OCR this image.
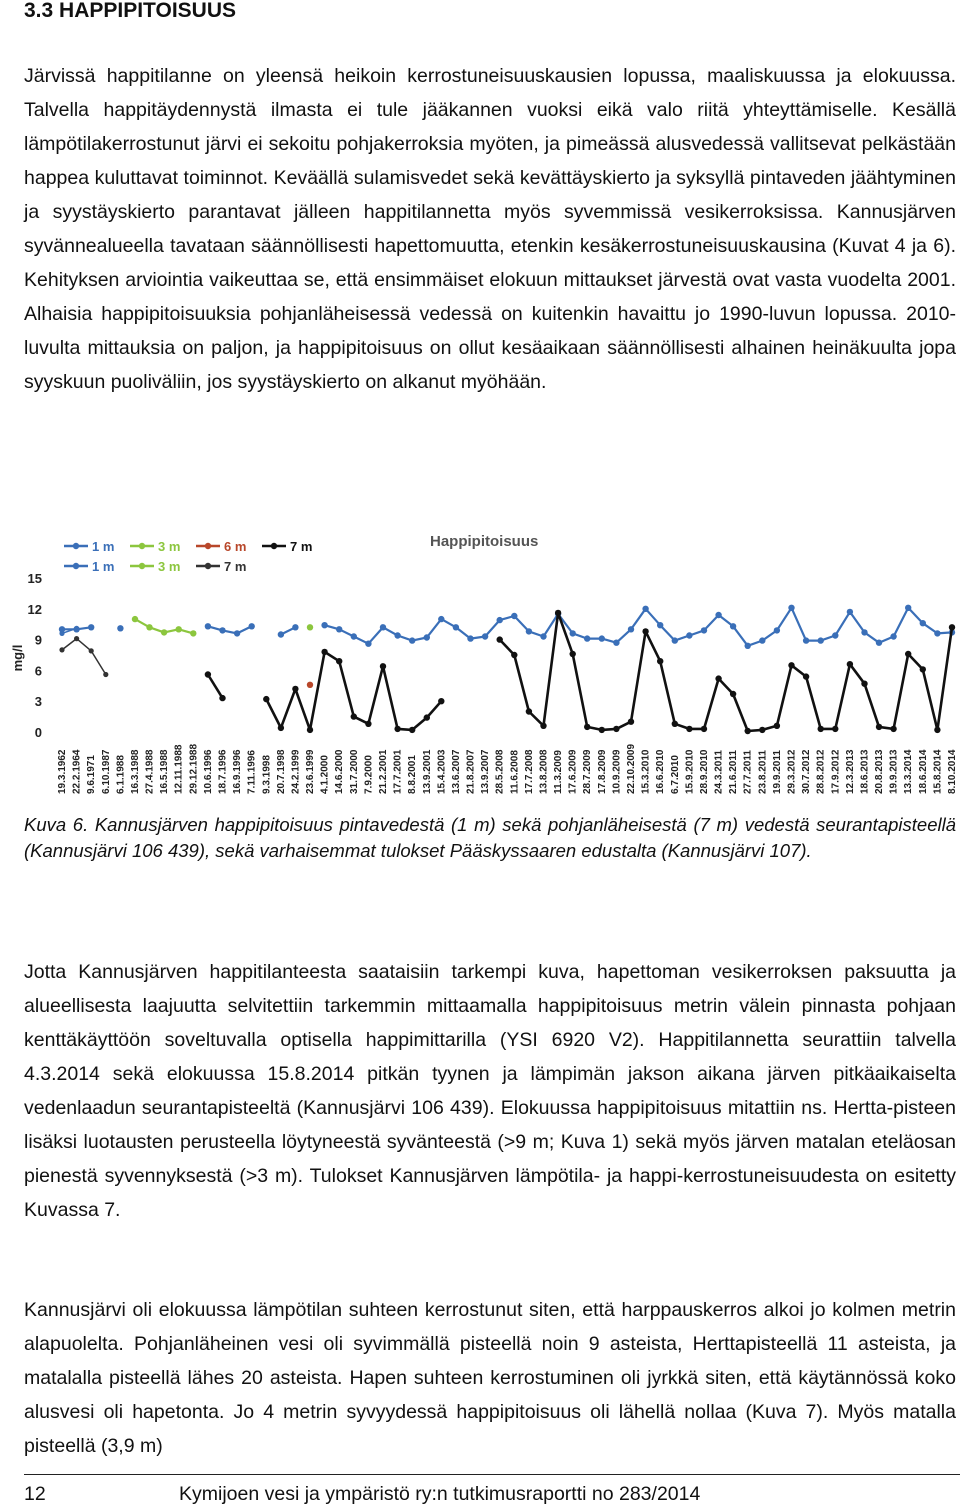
3.3 HAPPIPITOISUUS
Järvissä happitilanne on yleensä heikoin kerrostuneisuuskausien lopussa, maaliskuussa ja elokuussa. Talvella happitäydennystä ilmasta ei tule jääkannen vuoksi eikä valo riitä yhteyttämiselle. Kesällä lämpötilakerrostunut järvi ei sekoitu pohjakerroksia myöten, ja pimeässä alusvedessä vallitsevat pelkästään happea kuluttavat toiminnot. Keväällä sulamisvedet sekä kevättäyskierto ja syksyllä pintaveden jäähtyminen ja syystäyskierto parantavat jälleen happitilannetta myös syvemmissä vesikerroksissa. Kannusjärven syvännealueella tavataan säännöllisesti hapettomuutta, etenkin kesäkerrostuneisuuskausina (Kuvat 4 ja 6). Kehityksen arviointia vaikeuttaa se, että ensimmäiset elokuun mittaukset järvestä ovat vasta vuodelta 2001. Alhaisia happipitoisuuksia pohjanläheisessä vedessä on kuitenkin havaittu jo 1990-luvun lopussa. 2010-luvulta mittauksia on paljon, ja happipitoisuus on ollut kesäaikaan säännöllisesti alhainen heinäkuulta jopa syyskuun puoliväliin, jos syystäyskierto on alkanut myöhään.
Happipitoisuus
mg/l
0
3
6
9
12
15
19.3.1962 22.2.1964 9.6.1971 6.10.1987 6.1.1988 16.3.1988 27.4.1988 16.5.1988 12.11.1988 29.12.1988 10.6.1996 18.7.1996 16.9.1996 7.11.1996 9.3.1998 20.7.1998 24.2.1999 23.6.1999 4.1.2000 14.6.2000 31.7.2000 7.9.2000 21.2.2001 17.7.2001 8.8.2001 13.9.2001 15.4.2003 13.6.2007 21.8.2007 13.9.2007 28.5.2008 11.6.2008 17.7.2008 13.8.2008 11.3.2009 17.6.2009 28.7.2009 17.8.2009 10.9.2009 22.10.2009 15.3.2010 16.6.2010 6.7.2010 15.9.2010 28.9.2010 24.3.2011 21.6.2011 27.7.2011 23.8.2011 19.9.2011 29.3.2012 30.7.2012 28.8.2012 17.9.2012 12.3.2013 18.6.2013 20.8.2013 19.9.2013 13.3.2014 18.6.2014 15.8.2014 8.10.2014
1 m	3 m	6 m	7 m
1 m	3 m	7 m
Kuva 6. Kannusjärven happipitoisuus pintavedestä (1 m) sekä pohjanläheisestä (7 m) vedestä seurantapisteellä (Kannusjärvi 106 439), sekä varhaisemmat tulokset Pääskyssaaren edustalta (Kannusjärvi 107).
Jotta Kannusjärven happitilanteesta saataisiin tarkempi kuva, hapettoman vesikerroksen paksuutta ja alueellisesta laajuutta selvitettiin tarkemmin mittaamalla happipitoisuus metrin välein pinnasta pohjaan kenttäkäyttöön soveltuvalla optisella happimittarilla (YSI 6920 V2). Happitilannetta seurattiin talvella 4.3.2014 sekä elokuussa 15.8.2014 pitkän tyynen ja lämpimän jakson aikana järven pitkäaikaiselta vedenlaadun seurantapisteeltä (Kannusjärvi 106 439). Elokuussa happipitoisuus mitattiin ns. Hertta-pisteen lisäksi luotausten perusteella löytyneestä syvänteestä (>9 m; Kuva 1) sekä myös järven matalan eteläosan pienestä syvennyksestä (>3 m). Tulokset Kannusjärven lämpötila- ja happi-kerrostuneisuudesta on esitetty Kuvassa 7.
Kannusjärvi oli elokuussa lämpötilan suhteen kerrostunut siten, että harppauskerros alkoi jo kolmen metrin alapuolelta. Pohjanläheinen vesi oli syvimmällä pisteellä noin 9 asteista, Herttapisteellä 11 asteista, ja matalalla pisteellä lähes 20 asteista. Hapen suhteen kerrostuminen oli jyrkkä siten, että käytännössä koko alusvesi oli hapetonta. Jo 4 metrin syvyydessä happipitoisuus oli lähellä nollaa (Kuva 7). Myös matalla pisteellä (3,9 m)
12	Kymijoen vesi ja ympäristö ry:n tutkimusraportti no 283/2014
